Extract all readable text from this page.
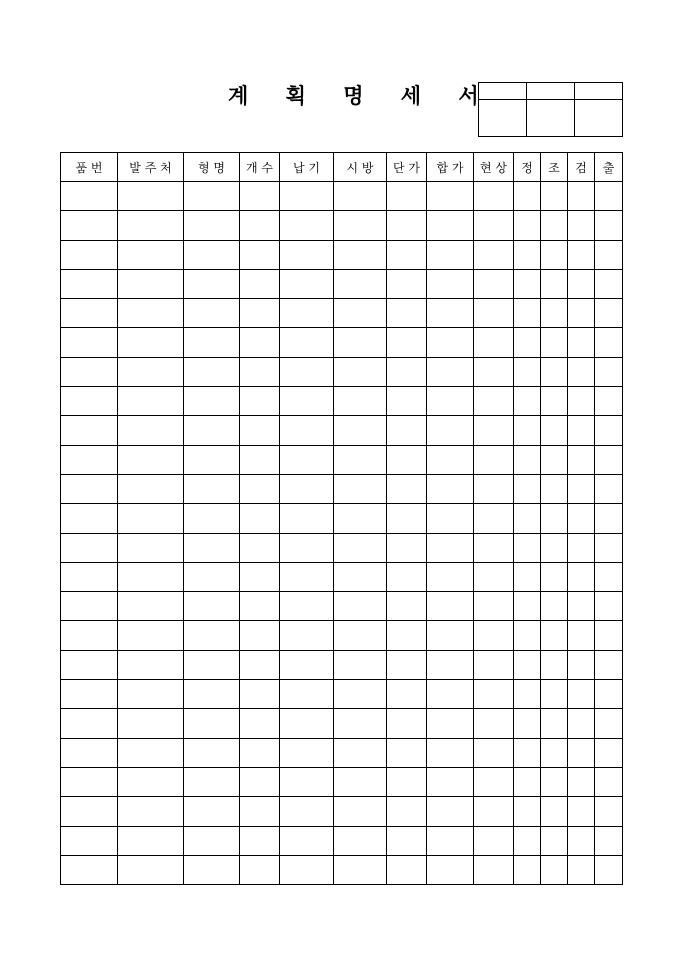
계 획 명 세 서

품 번	발 주 처	형 명	개 수	납 기	시 방	단 가	합 가	현 상	정	조	검	출
